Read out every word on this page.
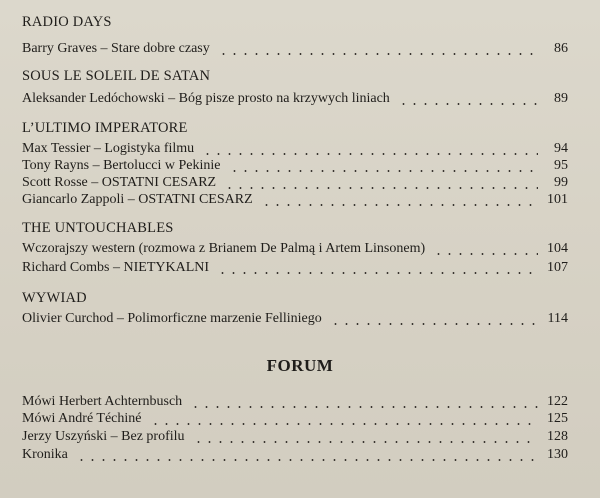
RADIO DAYS
Barry Graves – Stare dobre czasy	86
SOUS LE SOLEIL DE SATAN
Aleksander Ledóchowski – Bóg pisze prosto na krzywych liniach	89
L’ULTIMO IMPERATORE
Max Tessier – Logistyka filmu	94
Tony Rayns – Bertolucci w Pekinie	95
Scott Rosse – OSTATNI CESARZ	99
Giancarlo Zappoli – OSTATNI CESARZ	101
THE UNTOUCHABLES
Wczorajszy western (rozmowa z Brianem De Palmą i Artem Linsonem)	104
Richard Combs – NIETYKALNI	107
WYWIAD
Olivier Curchod – Polimorficzne marzenie Felliniego	114
FORUM
Mówi Herbert Achternbusch	122
Mówi André Téchiné	125
Jerzy Uszyński – Bez profilu	128
Kronika	130
